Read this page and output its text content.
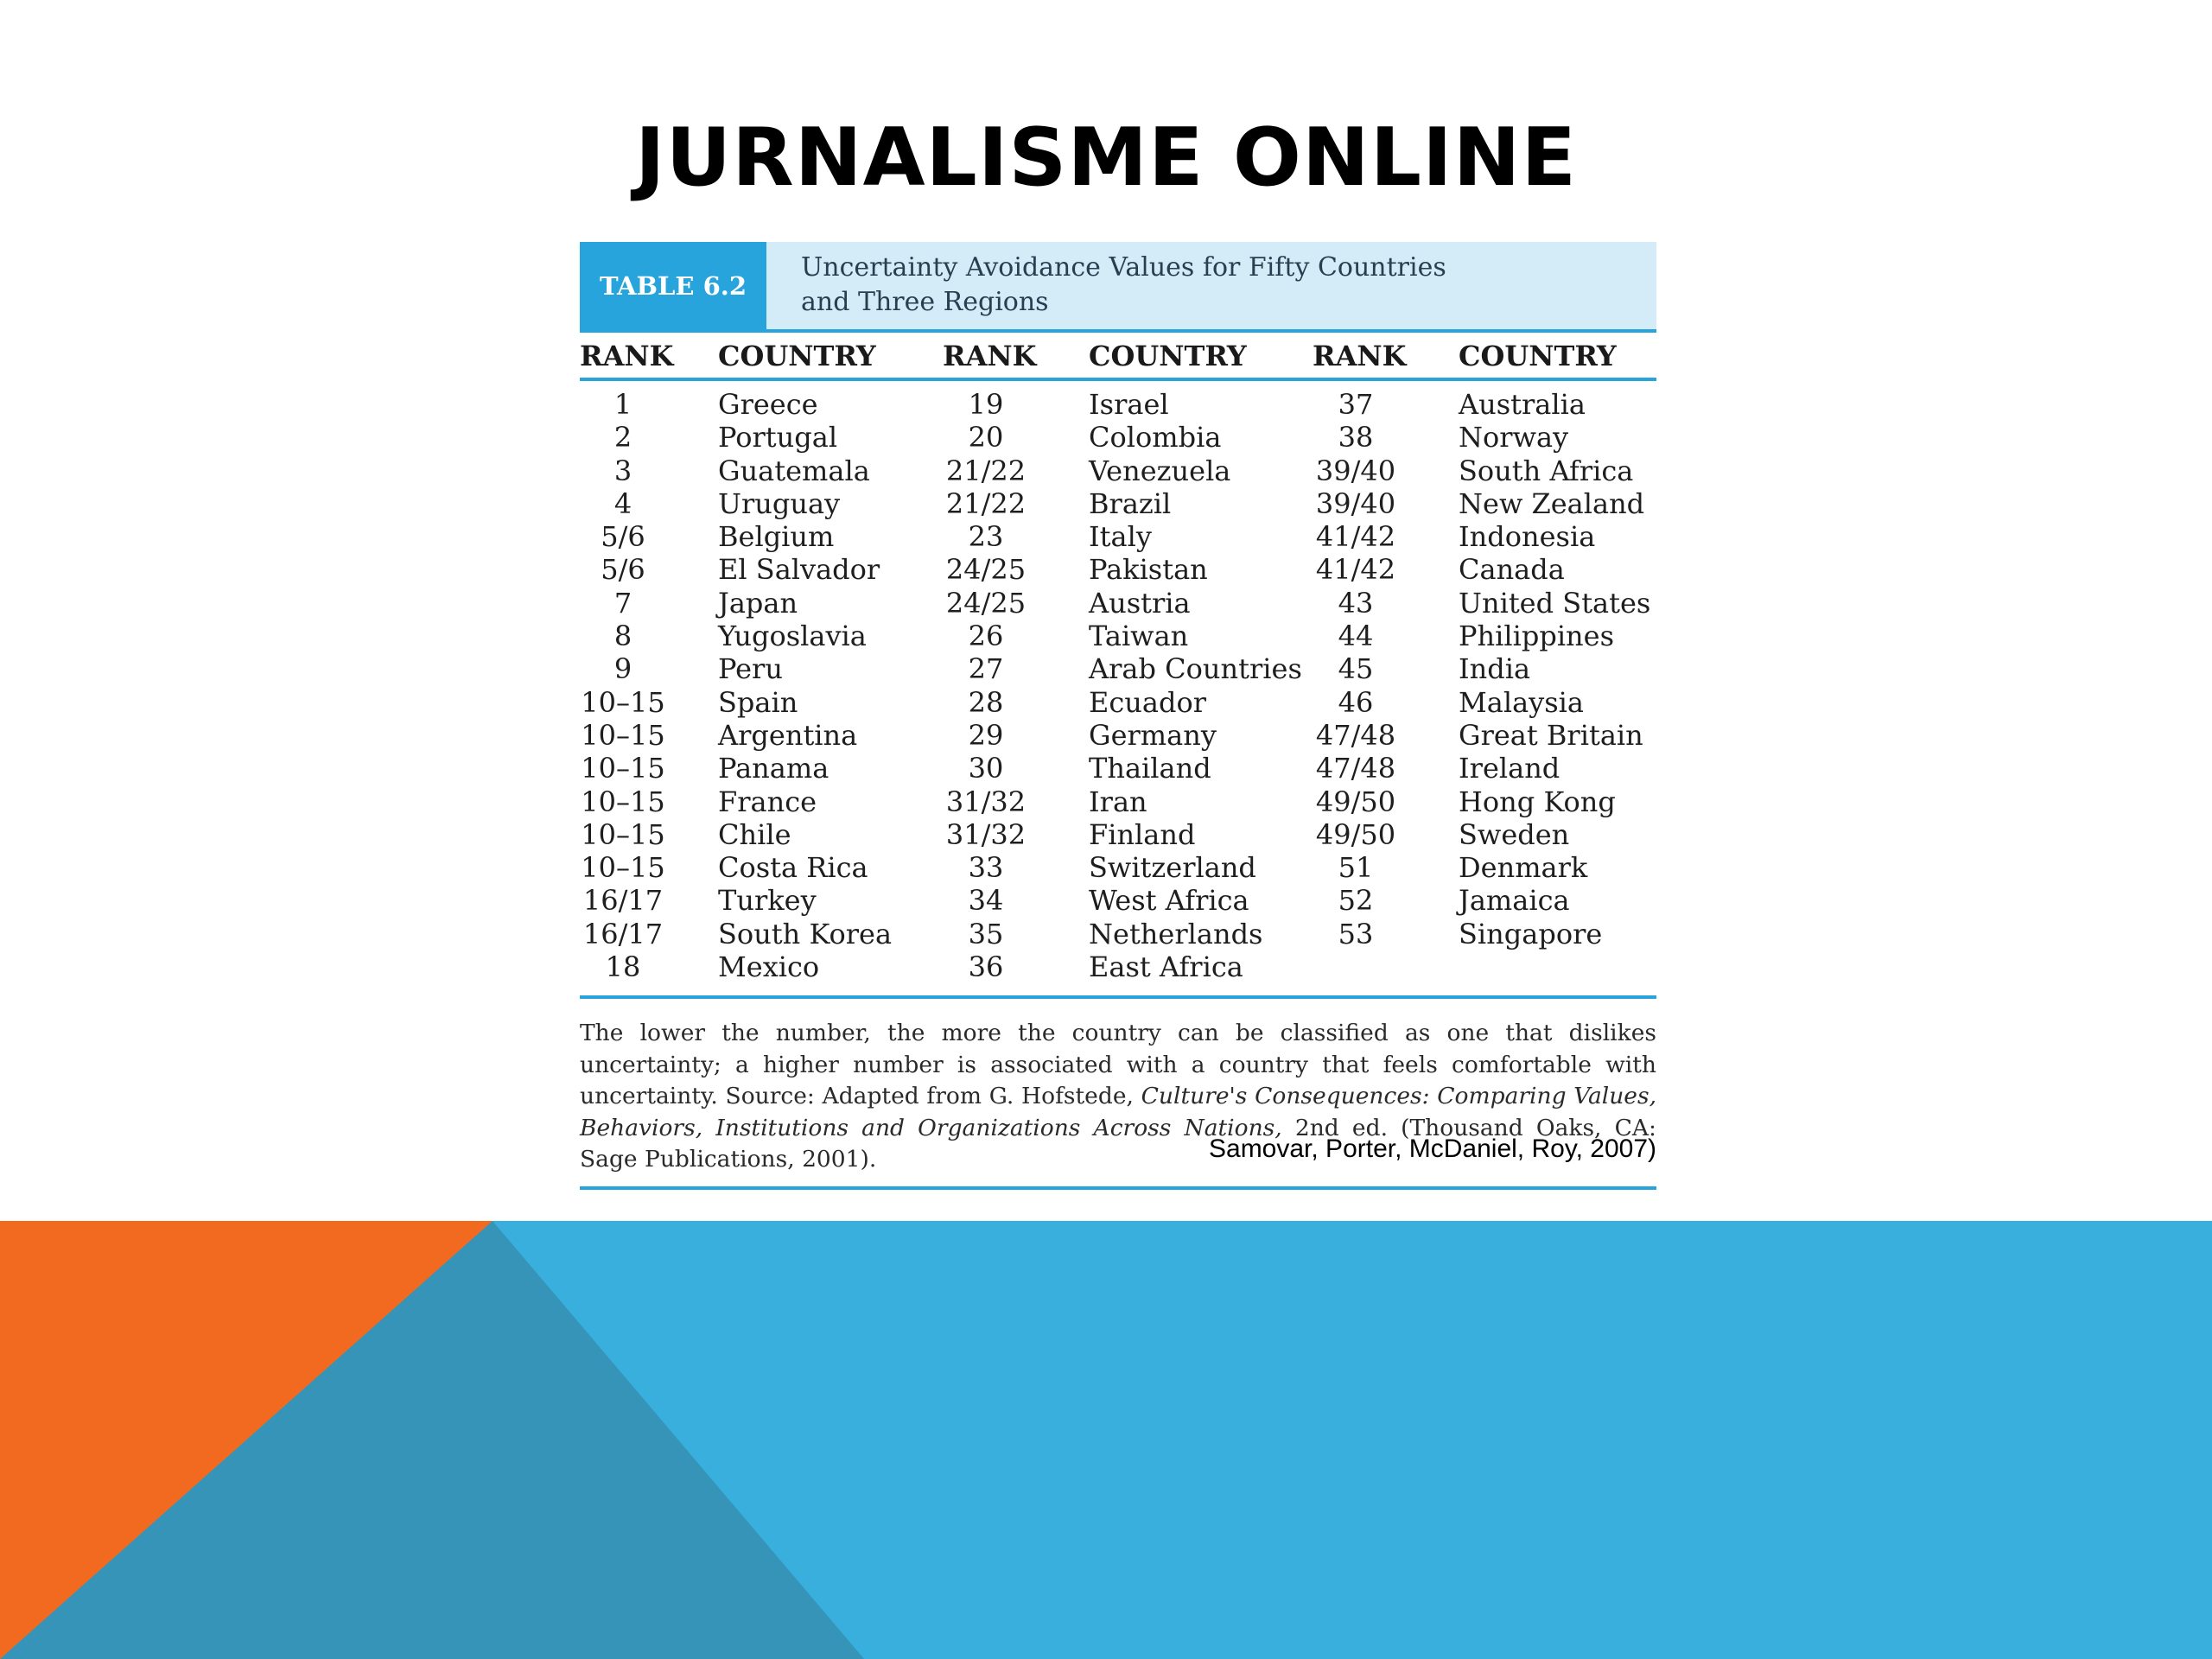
JURNALISME ONLINE
TABLE 6.2
Uncertainty Avoidance Values for Fifty Countries
and Three Regions
RANK COUNTRY RANK COUNTRY RANK COUNTRY
1	Greece	19	Israel	37	Australia
2	Portugal	20	Colombia	38	Norway
3	Guatemala	21/22 Venezuela	39/40 South Africa
4	Uruguay	21/22 Brazil	39/40 New Zealand
5/6	Belgium	23	Italy	41/42 Indonesia
5/6	El Salvador 24/25 Pakistan	41/42 Canada
7	Japan	24/25 Austria	43	United States
8	Yugoslavia	26	Taiwan	44	Philippines
9	Peru	27	Arab Countries	45	India
10–15 Spain	28	Ecuador	46	Malaysia
10–15 Argentina	29	Germany	47/48 Great Britain
10–15 Panama	30	Thailand	47/48 Ireland
10–15 France	31/32 Iran	49/50 Hong Kong
10–15 Chile	31/32 Finland	49/50 Sweden
10–15 Costa Rica	33	Switzerland	51	Denmark
16/17 Turkey	34	West Africa	52	Jamaica
16/17 South Korea	35	Netherlands	53	Singapore
18	Mexico	36	East Africa
The lower the number, the more the country can be classified as one that dislikes uncertainty; a higher number is associated with a country that feels comfortable with uncertainty. Source: Adapted from G. Hofstede, Culture's Consequences: Comparing Values, Behaviors, Institutions and Organizations Across Nations, 2nd ed. (Thousand Oaks, CA: Sage Publications, 2001).	Samovar, Porter, McDaniel, Roy, 2007)
